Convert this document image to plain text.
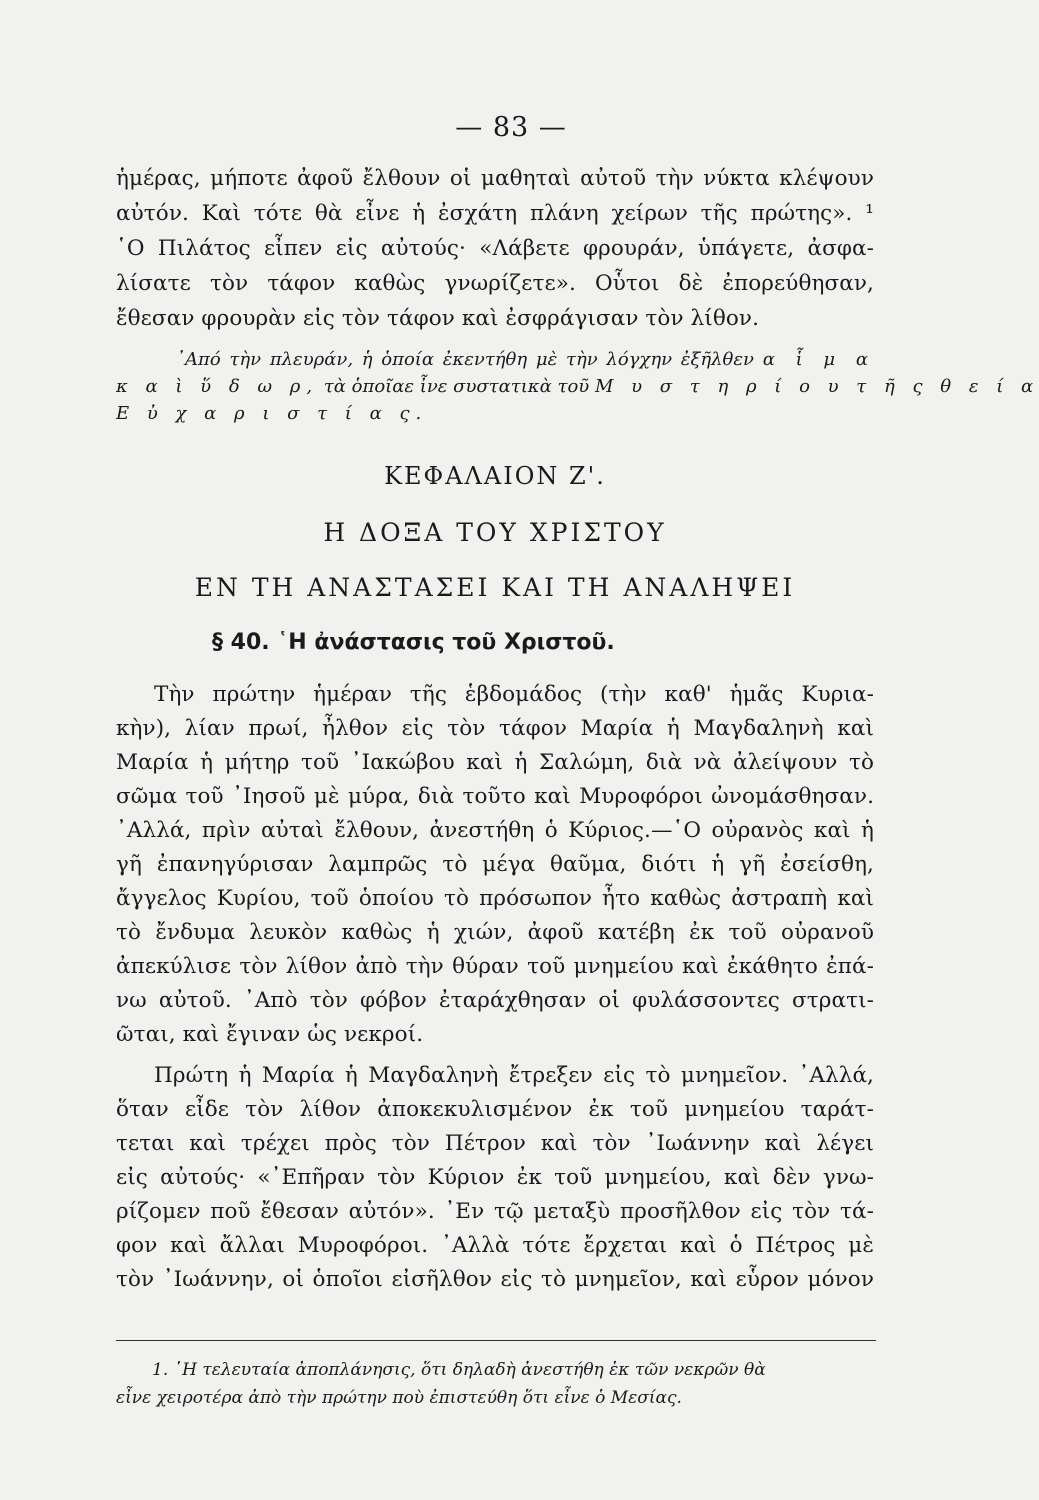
— 83 —
ἡμέρας, μήποτε ἀφοῦ ἔλθουν οἱ μαθηταὶ αὐτοῦ τὴν νύκτα κλέψουν
αὐτόν. Καὶ τότε θὰ εἶνε ἡ ἐσχάτη πλάνη χείρων τῆς πρώτης». ¹
῾Ο Πιλάτος εἶπεν εἰς αὐτούς· «Λάβετε φρουράν, ὑπάγετε, ἀσφα-
λίσατε τὸν τάφον καθὼς γνωρίζετε». Οὗτοι δὲ ἐπορεύθησαν,
ἔθεσαν φρουρὰν εἰς τὸν τάφον καὶ ἐσφράγισαν τὸν λίθον.
᾿Από τὴν πλευράν, ἡ ὁποία ἐκεντήθη μὲ τὴν λόγχην ἐξῆλθεν α ἷ μ α
κ α ὶ ὕ δ ω ρ, τὰ ὁποῖαε ἶνε συστατικὰ τοῦ Μ υ σ τ η ρ ί ο υ τ ῆ ς θ ε ί α
Ε ὐ χ α ρ ι σ τ ί α ς.
ΚΕΦΑΛΑΙΟΝ Ζ'.
Η ΔΟΞΑ ΤΟΥ ΧΡΙΣΤΟΥ
ΕΝ ΤΗ ΑΝΑΣΤΑΣΕΙ ΚΑΙ ΤΗ ΑΝΑΛΗΨΕΙ
§ 40. ῾Η ἀνάστασις τοῦ Χριστοῦ.
Τὴν πρώτην ἡμέραν τῆς ἑβδομάδος (τὴν καθ' ἡμᾶς Κυρια-
κὴν), λίαν πρωί, ἦλθον εἰς τὸν τάφον Μαρία ἡ Μαγδαληνὴ καὶ
Μαρία ἡ μήτηρ τοῦ ᾿Ιακώβου καὶ ἡ Σαλώμη, διὰ νὰ ἀλείψουν τὸ
σῶμα τοῦ ᾿Ιησοῦ μὲ μύρα, διὰ τοῦτο καὶ Μυροφόροι ὠνομάσθησαν.
᾿Αλλά, πρὶν αὐταὶ ἔλθουν, ἀνεστήθη ὁ Κύριος.—῾Ο οὐρανὸς καὶ ἡ
γῆ ἐπανηγύρισαν λαμπρῶς τὸ μέγα θαῦμα, διότι ἡ γῆ ἐσείσθη,
ἄγγελος Κυρίου, τοῦ ὁποίου τὸ πρόσωπον ἦτο καθὼς ἀστραπὴ καὶ
τὸ ἔνδυμα λευκὸν καθὼς ἡ χιών, ἀφοῦ κατέβη ἐκ τοῦ οὐρανοῦ
ἀπεκύλισε τὸν λίθον ἀπὸ τὴν θύραν τοῦ μνημείου καὶ ἐκάθητο ἐπά-
νω αὐτοῦ. ᾿Απὸ τὸν φόβον ἐταράχθησαν οἱ φυλάσσοντες στρατι-
ῶται, καὶ ἔγιναν ὡς νεκροί.
Πρώτη ἡ Μαρία ἡ Μαγδαληνὴ ἔτρεξεν εἰς τὸ μνημεῖον. ᾿Αλλά,
ὅταν εἶδε τὸν λίθον ἀποκεκυλισμένον ἐκ τοῦ μνημείου ταράτ-
τεται καὶ τρέχει πρὸς τὸν Πέτρον καὶ τὸν ᾿Ιωάννην καὶ λέγει
εἰς αὐτούς· «᾿Επῆραν τὸν Κύριον ἐκ τοῦ μνημείου, καὶ δὲν γνω-
ρίζομεν ποῦ ἔθεσαν αὐτόν». ᾿Εν τῷ μεταξὺ προσῆλθον εἰς τὸν τά-
φον καὶ ἄλλαι Μυροφόροι. ᾿Αλλὰ τότε ἔρχεται καὶ ὁ Πέτρος μὲ
τὸν ᾿Ιωάννην, οἱ ὁποῖοι εἰσῆλθον εἰς τὸ μνημεῖον, καὶ εὗρον μόνον
1. ῾Η τελευταία ἀποπλάνησις, ὅτι δηλαδὴ ἀνεστήθη ἐκ τῶν νεκρῶν θὰ
εἶνε χειροτέρα ἀπὸ τὴν πρώτην ποὺ ἐπιστεύθη ὅτι εἶνε ὁ Μεσίας.
